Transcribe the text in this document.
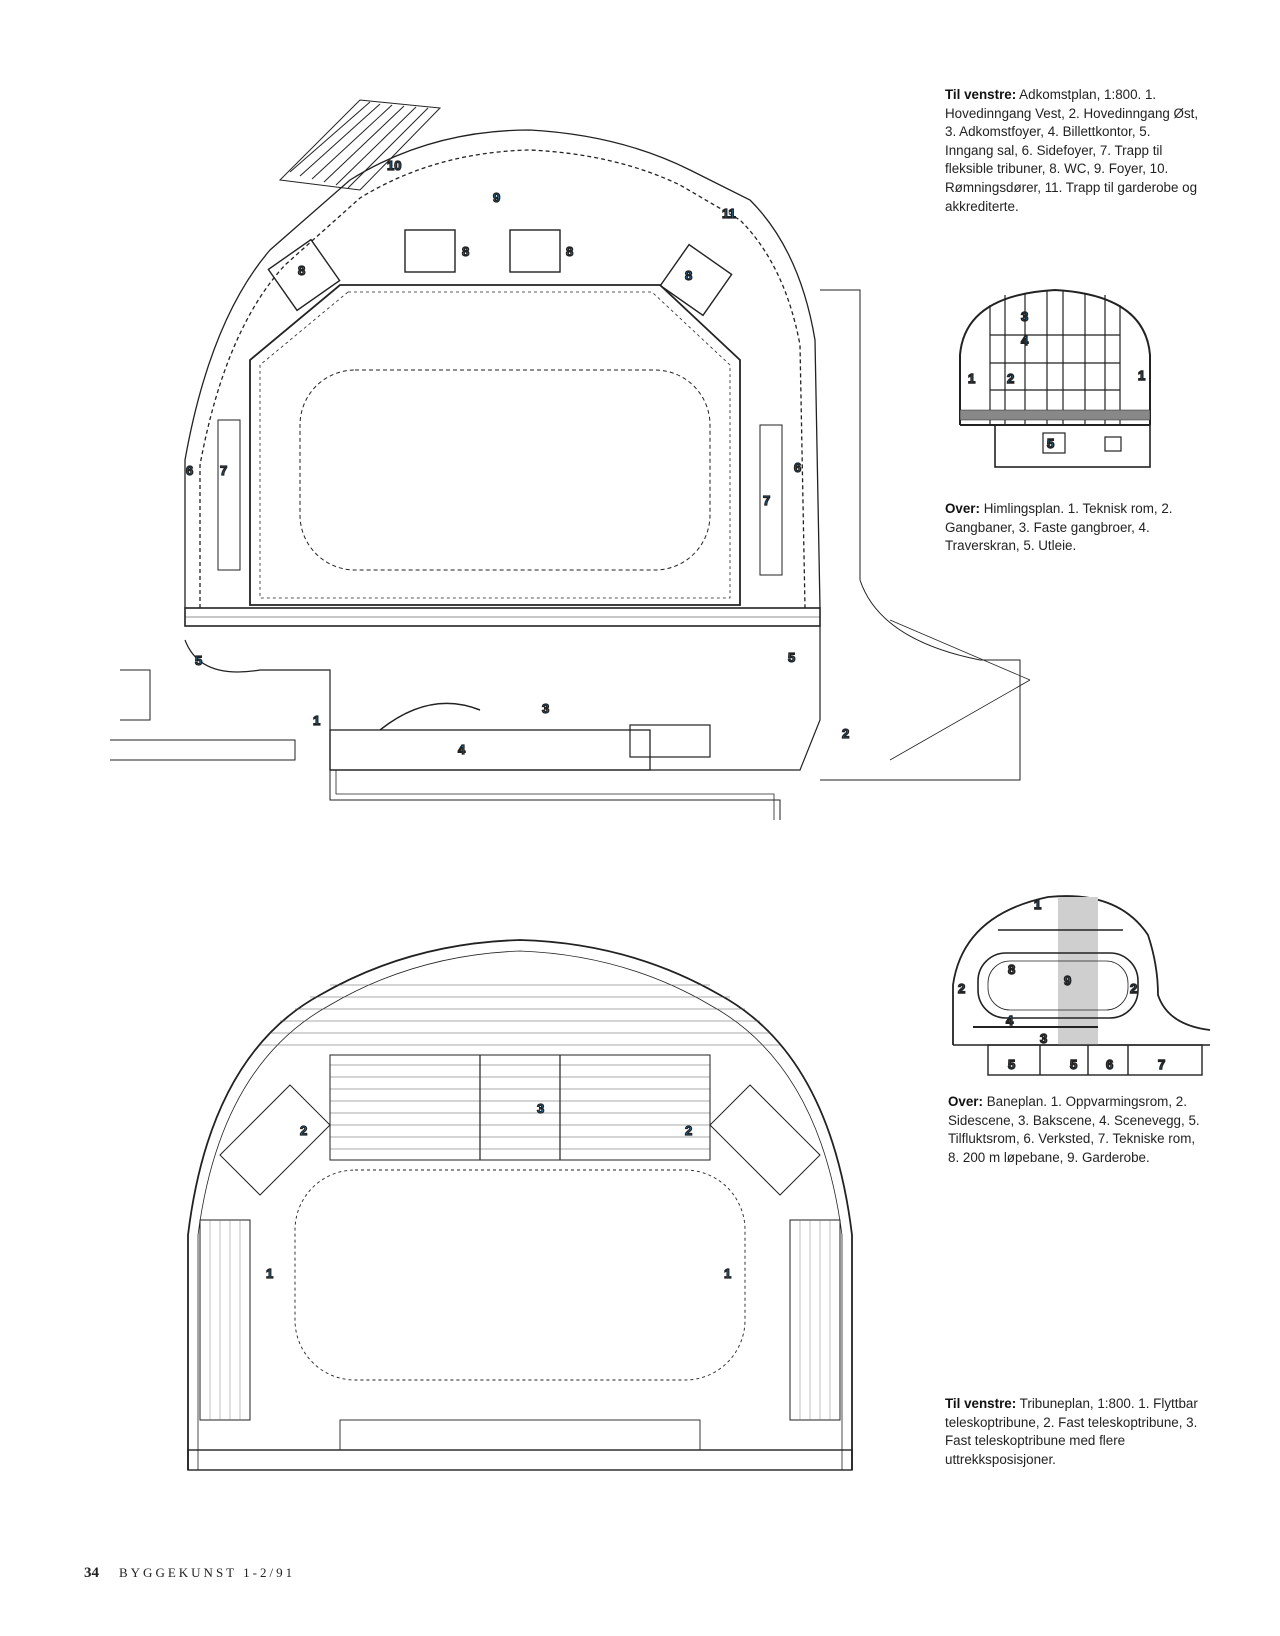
1
2
3
4
5	5
6	6
7
7
8
8	8
8
9
10
11
Til venstre: Adkomstplan, 1:800. 1. Hovedinngang Vest, 2. Hovedinngang Øst, 3. Adkomstfoyer, 4. Billettkontor, 5. Inngang sal, 6. Sidefoyer, 7. Trapp til fleksible tribuner, 8. WC, 9. Foyer, 10. Rømningsdører, 11. Trapp til garderobe og akkrediterte.
1	1
2
3
4
5
Over: Himlingsplan. 1. Teknisk rom, 2. Gangbaner, 3. Faste gangbroer, 4. Traverskran, 5. Utleie.
1	1
2	2
3
1
2	2
3
4
5	5 6	7
8
9
Over: Baneplan. 1. Oppvarmingsrom, 2. Sidescene, 3. Bakscene, 4. Scenevegg, 5. Tilfluktsrom, 6. Verksted, 7. Tekniske rom, 8. 200 m løpebane, 9. Garderobe.
Til venstre: Tribuneplan, 1:800. 1. Flyttbar teleskoptribune, 2. Fast teleskoptribune, 3. Fast teleskoptribune med flere uttrekksposisjoner.
34 BYGGEKUNST 1-2/91
